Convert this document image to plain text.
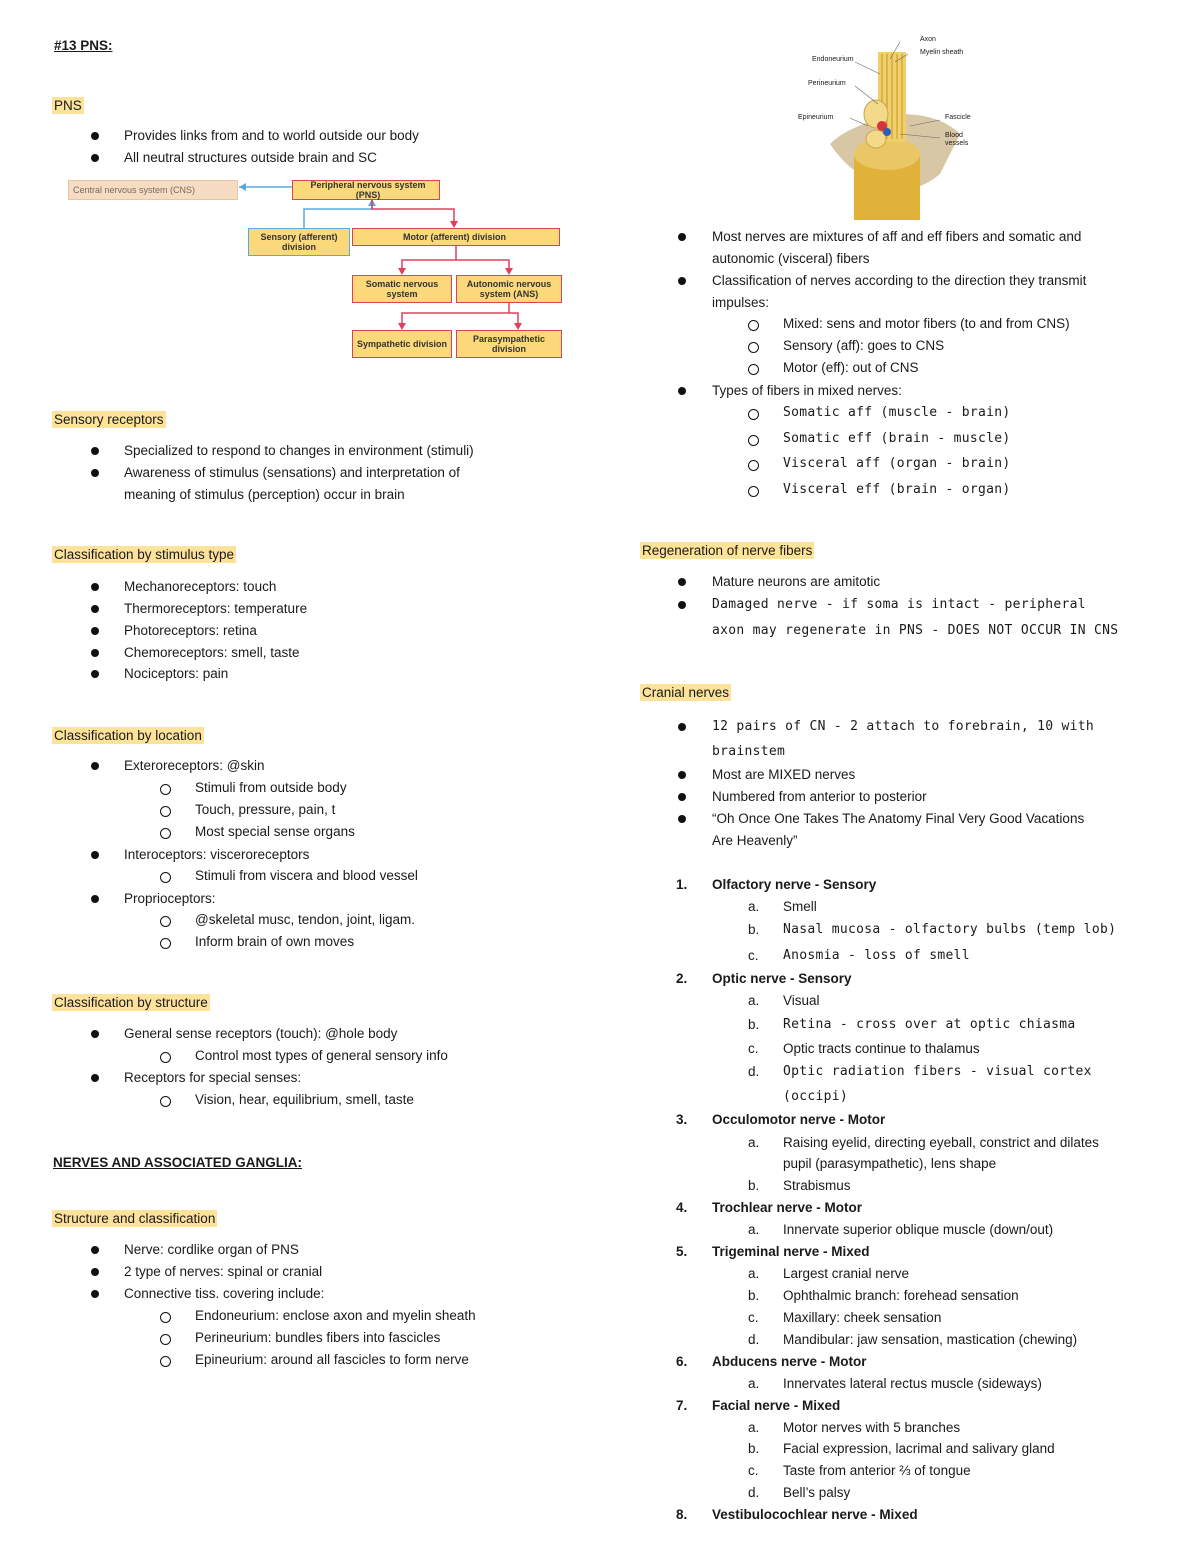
#13 PNS:
PNS
Provides links from and to world outside our body
All neutral structures outside brain and SC
Central nervous system (CNS)	Peripheral nervous system (PNS)
Sensory (afferent) division
Motor (afferent) division
Somatic nervous system
Autonomic nervous system (ANS)
Sympathetic division	Parasympathetic division
Sensory receptors
Specialized to respond to changes in environment (stimuli)
Awareness of stimulus (sensations) and interpretation of
meaning of stimulus (perception) occur in brain
Classification by stimulus type
Mechanoreceptors: touch
Thermoreceptors: temperature
Photoreceptors: retina
Chemoreceptors: smell, taste
Nociceptors: pain
Classification by location
Exteroreceptors: @skin
Stimuli from outside body
Touch, pressure, pain, t
Most special sense organs
Interoceptors: visceroreceptors
Stimuli from viscera and blood vessel
Proprioceptors:
@skeletal musc, tendon, joint, ligam.
Inform brain of own moves
Classification by structure
General sense receptors (touch): @hole body
Control most types of general sensory info
Receptors for special senses:
Vision, hear, equilibrium, smell, taste
NERVES AND ASSOCIATED GANGLIA:
Structure and classification
Nerve: cordlike organ of PNS
2 type of nerves: spinal or cranial
Connective tiss. covering include:
Endoneurium: enclose axon and myelin sheath
Perineurium: bundles fibers into fascicles
Epineurium: around all fascicles to form nerve
Axon
Myelin sheath
Endoneurium
Perineurium
Epineurium	Fascicle
Blood
vessels
Most nerves are mixtures of aff and eff fibers and somatic and
autonomic (visceral) fibers
Classification of nerves according to the direction they transmit
impulses:
Mixed: sens and motor fibers (to and from CNS)
Sensory (aff): goes to CNS
Motor (eff): out of CNS
Types of fibers in mixed nerves:
Somatic aff (muscle - brain)
Somatic eff (brain - muscle)
Visceral aff (organ - brain)
Visceral eff (brain - organ)
Regeneration of nerve fibers
Mature neurons are amitotic
Damaged nerve - if soma is intact - peripheral
axon may regenerate in PNS - DOES NOT OCCUR IN CNS
Cranial nerves
12 pairs of CN - 2 attach to forebrain, 10 with
brainstem
Most are MIXED nerves
Numbered from anterior to posterior
“Oh Once One Takes The Anatomy Final Very Good Vacations
Are Heavenly”
1. Olfactory nerve - Sensory
a. Smell
b. Nasal mucosa - olfactory bulbs (temp lob)
c. Anosmia - loss of smell
2. Optic nerve - Sensory
a. Visual
b. Retina - cross over at optic chiasma
c. Optic tracts continue to thalamus
d. Optic radiation fibers - visual cortex
(occipi)
3. Occulomotor nerve - Motor
a. Raising eyelid, directing eyeball, constrict and dilates
pupil (parasympathetic), lens shape
b. Strabismus
4. Trochlear nerve - Motor
a. Innervate superior oblique muscle (down/out)
5. Trigeminal nerve - Mixed
a. Largest cranial nerve
b. Ophthalmic branch: forehead sensation
c. Maxillary: cheek sensation
d. Mandibular: jaw sensation, mastication (chewing)
6. Abducens nerve - Motor
a. Innervates lateral rectus muscle (sideways)
7. Facial nerve - Mixed
a. Motor nerves with 5 branches
b. Facial expression, lacrimal and salivary gland
c. Taste from anterior ⅔ of tongue
d. Bell’s palsy
8. Vestibulocochlear nerve - Mixed
